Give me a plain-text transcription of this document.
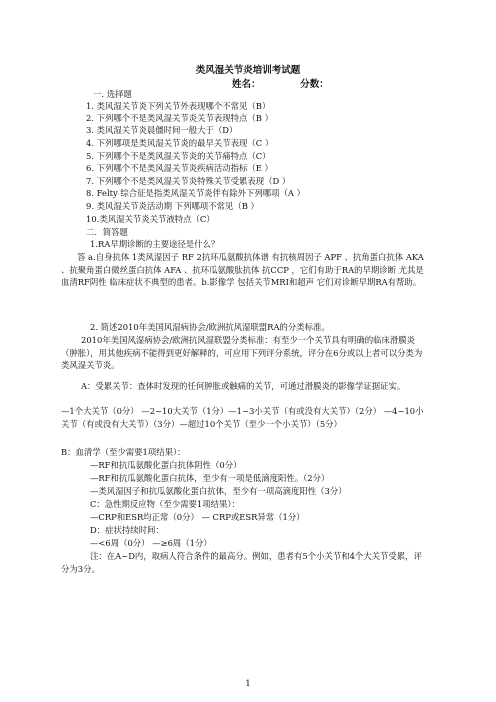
类风湿关节炎培训考试题
姓名：            分数：
一. 选择题
1. 类风湿关节炎下列关节外表现哪个不常见（B）
2. 下列哪个不是类风湿关节炎关节表现特点（B ）
3. 类风湿关节炎晨僵时间一般大于（D）
4. 下列哪项是类风湿关节炎的最早关节表现（C ）
5. 下列哪个不是类风湿关节炎的关节痛特点（C）
6. 下列哪个不是类风湿关节炎疾病活动指标（E ）
7. 下列哪个不是类风湿关节炎特殊关节受累表现（D ）
8. Felty 综合征是指类风湿关节炎伴有除外下列哪项（A ）
9. 类风湿关节炎活动期 下列哪项不常见（B ）
10.类风湿关节炎关节液特点（C）
二．简答题
1.RA早期诊断的主要途径是什么？
答 a.自身抗体 1类风湿因子 RF 2抗环瓜氨酸抗体谱 有抗核周因子 APF 、抗角蛋白抗体 AKA 、抗聚角蛋白微丝蛋白抗体 AFA 、抗环瓜氨酸肽抗体 抗CCP ，它们有助于RA的早期诊断 尤其是血清RF阴性 临床症状不典型的患者。b.影像学 包括关节MRI和超声 它们对诊断早期RA有帮助。
2. 简述2010年美国风湿病协会/欧洲抗风湿联盟RA的分类标准。
2010年美国风湿病协会/欧洲抗风湿联盟分类标准：有至少一个关节具有明确的临床滑膜炎（肿胀），用其他疾病不能得到更好解释的，可应用下列评分系统，评分在6分或以上者可以分类为类风湿关节炎。
A：受累关节：查体时发现的任何肿胀或触痛的关节，可通过滑膜炎的影像学证据证实。
—1个大关节（0分） —2~10大关节（1分）—1~3小关节（有或没有大关节）（2分） —4~10小关节（有或没有大关节）（3分）—超过10个关节（至少一个小关节）（5分）
B：血清学（至少需要1项结果）：
—RF和抗瓜氨酸化蛋白抗体阴性（0分）
—RF和抗瓜氨酸化蛋白抗体，至少有一项是低滴度阳性。（2分）
—类风湿因子和抗瓜氨酸化蛋白抗体，至少有一项高滴度阳性（3分）
C：急性期反应物（至少需要1项结果）：
—CRP和ESR均正常（0分） — CRP或ESR异常（1分）
D：症状持续时间：
—<6周（0分） —≥6周（1分）
注：在A~D内，取病人符合条件的最高分。例如，患者有5个小关节和4个大关节受累，评分为3分。
1
